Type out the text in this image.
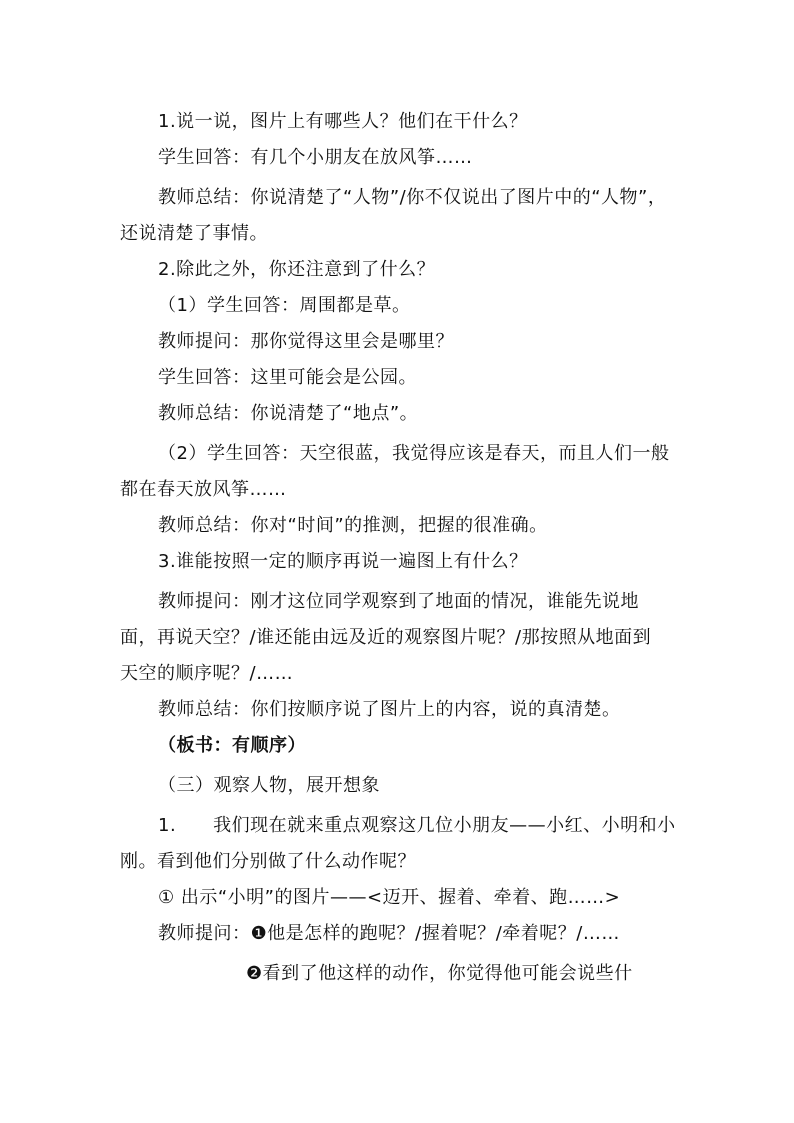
1.说一说，图片上有哪些人？他们在干什么？
学生回答：有几个小朋友在放风筝……
教师总结：你说清楚了“人物”/你不仅说出了图片中的“人物”，
还说清楚了事情。
2.除此之外，你还注意到了什么？
（1）学生回答：周围都是草。
教师提问：那你觉得这里会是哪里？
学生回答：这里可能会是公园。
教师总结：你说清楚了“地点”。
（2）学生回答：天空很蓝，我觉得应该是春天，而且人们一般
都在春天放风筝……
教师总结：你对“时间”的推测，把握的很准确。
3.谁能按照一定的顺序再说一遍图上有什么？
教师提问：刚才这位同学观察到了地面的情况，谁能先说地
面，再说天空？/谁还能由远及近的观察图片呢？/那按照从地面到
天空的顺序呢？/……
教师总结：你们按顺序说了图片上的内容，说的真清楚。
（板书：有顺序）
（三）观察人物，展开想象
1.　　我们现在就来重点观察这几位小朋友——小红、小明和小
刚。看到他们分别做了什么动作呢？
① 出示“小明”的图片——<迈开、握着、牵着、跑……>
教师提问：❶他是怎样的跑呢？/握着呢？/牵着呢？/……
❷看到了他这样的动作，你觉得他可能会说些什
